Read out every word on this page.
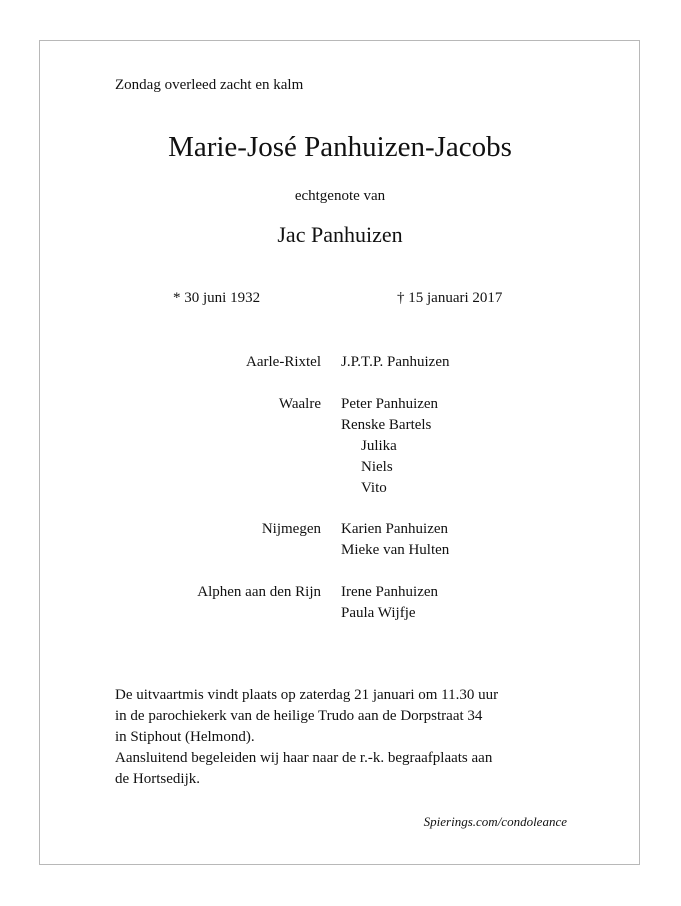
Zondag overleed zacht en kalm
Marie-José Panhuizen-Jacobs
echtgenote van
Jac Panhuizen
* 30 juni 1932	† 15 januari 2017
Aarle-Rixtel J.P.T.P. Panhuizen
Waalre Peter Panhuizen
Renske Bartels
Julika
Niels
Vito
Nijmegen Karien Panhuizen
Mieke van Hulten
Alphen aan den Rijn Irene Panhuizen
Paula Wijfje
De uitvaartmis vindt plaats op zaterdag 21 januari om 11.30 uur
in de parochiekerk van de heilige Trudo aan de Dorpstraat 34
in Stiphout (Helmond).
Aansluitend begeleiden wij haar naar de r.-k. begraafplaats aan
de Hortsedijk.
Spierings.com/condoleance
